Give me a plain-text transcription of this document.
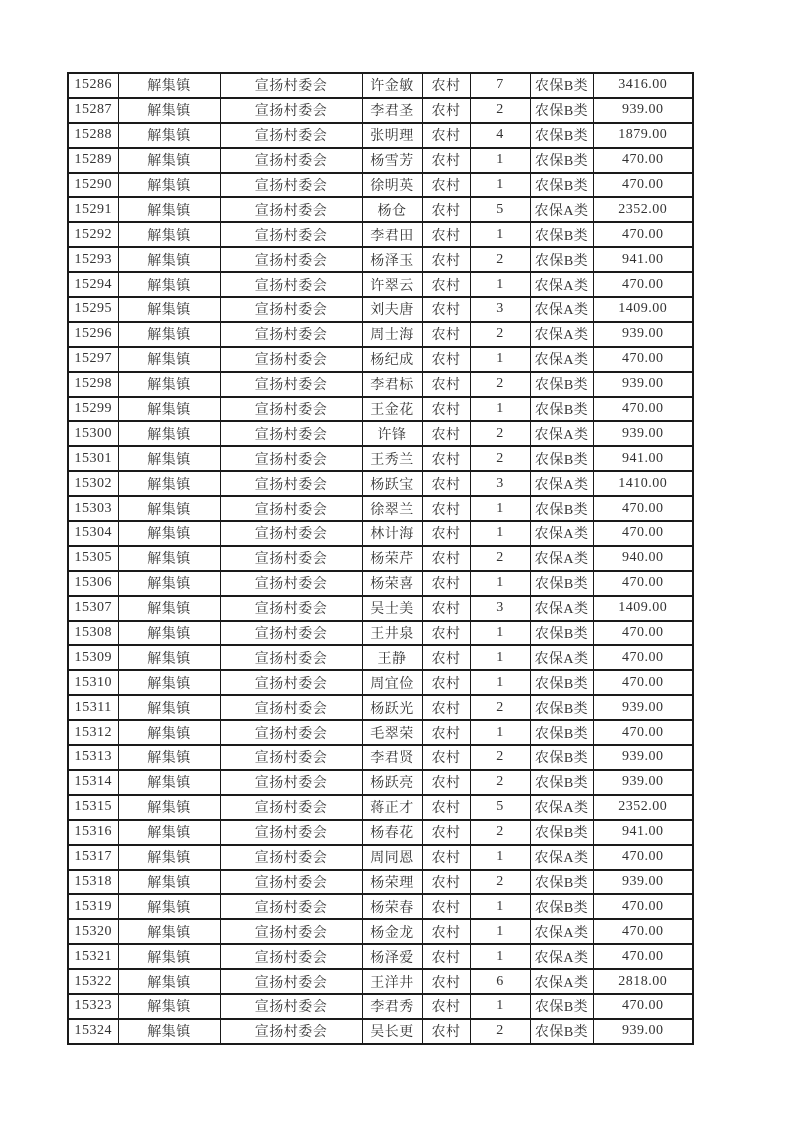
15286	解集镇	宣扬村委会	许金敏	农村	7	农保B类	3416.00
15287	解集镇	宣扬村委会	李君圣	农村	2	农保B类	939.00
15288	解集镇	宣扬村委会	张明理	农村	4	农保B类	1879.00
15289	解集镇	宣扬村委会	杨雪芳	农村	1	农保B类	470.00
15290	解集镇	宣扬村委会	徐明英	农村	1	农保B类	470.00
15291	解集镇	宣扬村委会	杨仓	农村	5	农保A类	2352.00
15292	解集镇	宣扬村委会	李君田	农村	1	农保B类	470.00
15293	解集镇	宣扬村委会	杨泽玉	农村	2	农保B类	941.00
15294	解集镇	宣扬村委会	许翠云	农村	1	农保A类	470.00
15295	解集镇	宣扬村委会	刘夫唐	农村	3	农保A类	1409.00
15296	解集镇	宣扬村委会	周士海	农村	2	农保A类	939.00
15297	解集镇	宣扬村委会	杨纪成	农村	1	农保A类	470.00
15298	解集镇	宣扬村委会	李君标	农村	2	农保B类	939.00
15299	解集镇	宣扬村委会	王金花	农村	1	农保B类	470.00
15300	解集镇	宣扬村委会	许锋	农村	2	农保A类	939.00
15301	解集镇	宣扬村委会	王秀兰	农村	2	农保B类	941.00
15302	解集镇	宣扬村委会	杨跃宝	农村	3	农保A类	1410.00
15303	解集镇	宣扬村委会	徐翠兰	农村	1	农保B类	470.00
15304	解集镇	宣扬村委会	林计海	农村	1	农保A类	470.00
15305	解集镇	宣扬村委会	杨荣芹	农村	2	农保A类	940.00
15306	解集镇	宣扬村委会	杨荣喜	农村	1	农保B类	470.00
15307	解集镇	宣扬村委会	吴士美	农村	3	农保A类	1409.00
15308	解集镇	宣扬村委会	王井泉	农村	1	农保B类	470.00
15309	解集镇	宣扬村委会	王静	农村	1	农保A类	470.00
15310	解集镇	宣扬村委会	周宜俭	农村	1	农保B类	470.00
15311	解集镇	宣扬村委会	杨跃光	农村	2	农保B类	939.00
15312	解集镇	宣扬村委会	毛翠荣	农村	1	农保B类	470.00
15313	解集镇	宣扬村委会	李君贤	农村	2	农保B类	939.00
15314	解集镇	宣扬村委会	杨跃亮	农村	2	农保B类	939.00
15315	解集镇	宣扬村委会	蒋正才	农村	5	农保A类	2352.00
15316	解集镇	宣扬村委会	杨春花	农村	2	农保B类	941.00
15317	解集镇	宣扬村委会	周同恩	农村	1	农保A类	470.00
15318	解集镇	宣扬村委会	杨荣理	农村	2	农保B类	939.00
15319	解集镇	宣扬村委会	杨荣春	农村	1	农保B类	470.00
15320	解集镇	宣扬村委会	杨金龙	农村	1	农保A类	470.00
15321	解集镇	宣扬村委会	杨泽爱	农村	1	农保A类	470.00
15322	解集镇	宣扬村委会	王洋井	农村	6	农保A类	2818.00
15323	解集镇	宣扬村委会	李君秀	农村	1	农保B类	470.00
15324	解集镇	宣扬村委会	吴长更	农村	2	农保B类	939.00
